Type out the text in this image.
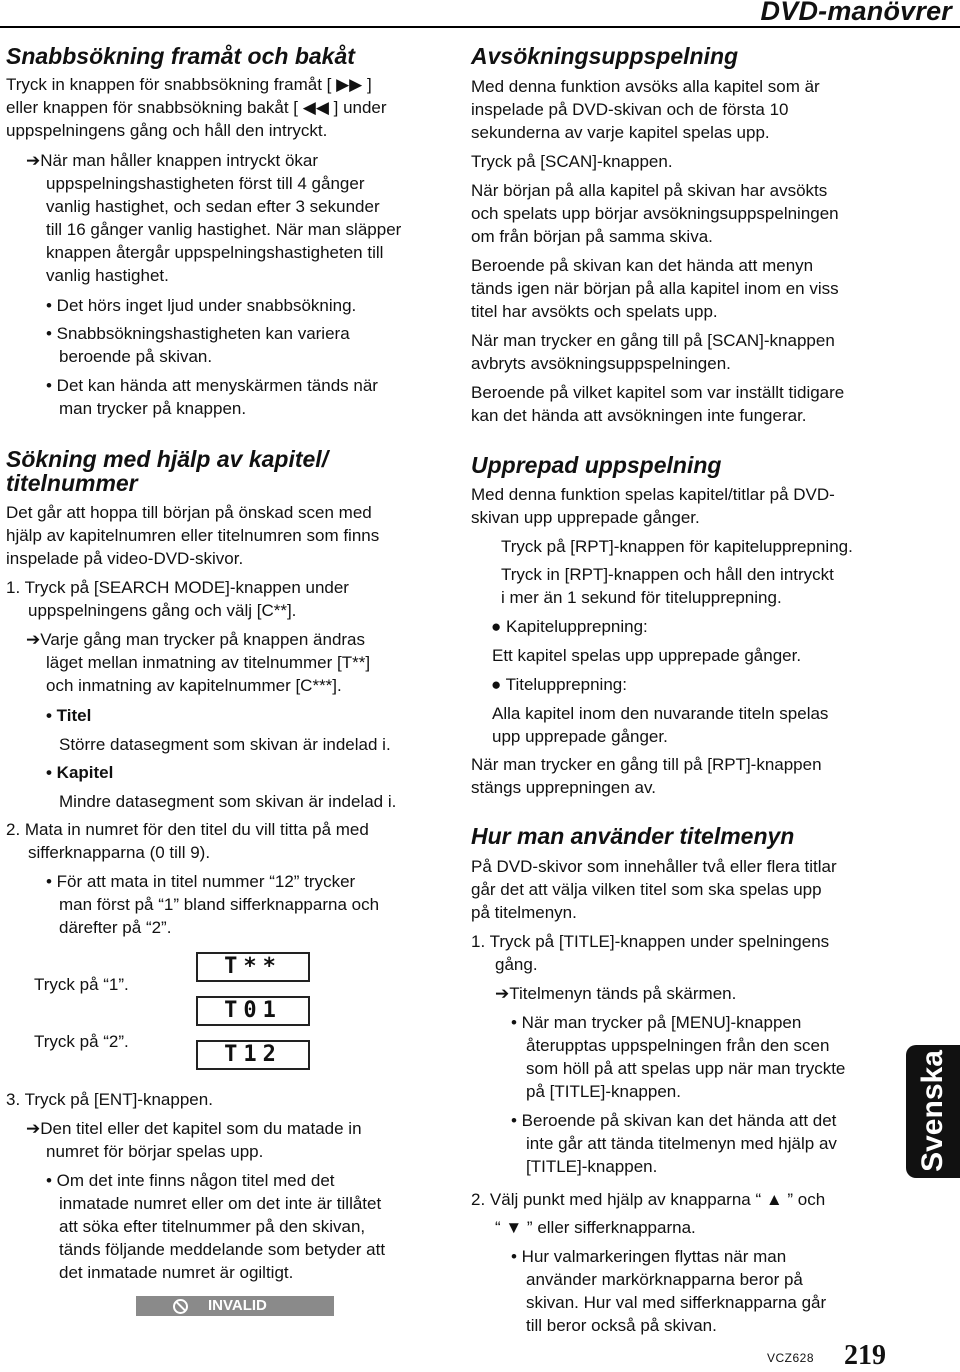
DVD-manövrer
Snabbsökning framåt och bakåt
Tryck in knappen för snabbsökning framåt [ ▶▶ ]
eller knappen för snabbsökning bakåt [ ◀◀ ] under
uppspelningens gång och håll den intryckt.
➔När man håller knappen intryckt ökar
uppspelningshastigheten först till 4 gånger
vanlig hastighet, och sedan efter 3 sekunder
till 16 gånger vanlig hastighet. När man släpper
knappen återgår uppspelningshastigheten till
vanlig hastighet.
• Det hörs inget ljud under snabbsökning.
• Snabbsökningshastigheten kan variera
beroende på skivan.
• Det kan hända att menyskärmen tänds när
man trycker på knappen.
Sökning med hjälp av kapitel/
titelnummer
Det går att hoppa till början på önskad scen med
hjälp av kapitelnumren eller titelnumren som finns
inspelade på video-DVD-skivor.
1. Tryck på [SEARCH MODE]-knappen under
uppspelningens gång och välj [C**].
➔Varje gång man trycker på knappen ändras
läget mellan inmatning av titelnummer [T**]
och inmatning av kapitelnummer [C***].
• Titel
Större datasegment som skivan är indelad i.
• Kapitel
Mindre datasegment som skivan är indelad i.
2. Mata in numret för den titel du vill titta på med
sifferknapparna (0 till 9).
• För att mata in titel nummer “12” trycker
man först på “1” bland sifferknapparna och
därefter på “2”.
T**
Tryck på “1”.
T01
Tryck på “2”.
T12
3. Tryck på [ENT]-knappen.
➔Den titel eller det kapitel som du matade in
numret för börjar spelas upp.
• Om det inte finns någon titel med det
inmatade numret eller om det inte är tillåtet
att söka efter titelnummer på den skivan,
tänds följande meddelande som betyder att
det inmatade numret är ogiltigt.
INVALID
Avsökningsuppspelning
Med denna funktion avsöks alla kapitel som är
inspelade på DVD-skivan och de första 10
sekunderna av varje kapitel spelas upp.
Tryck på [SCAN]-knappen.
När början på alla kapitel på skivan har avsökts
och spelats upp börjar avsökningsuppspelningen
om från början på samma skiva.
Beroende på skivan kan det hända att menyn
tänds igen när början på alla kapitel inom en viss
titel har avsökts och spelats upp.
När man trycker en gång till på [SCAN]-knappen
avbryts avsökningsuppspelningen.
Beroende på vilket kapitel som var inställt tidigare
kan det hända att avsökningen inte fungerar.
Upprepad uppspelning
Med denna funktion spelas kapitel/titlar på DVD-
skivan upp upprepade gånger.
Tryck på [RPT]-knappen för kapitelupprepning.
Tryck in [RPT]-knappen och håll den intryckt
i mer än 1 sekund för titelupprepning.
● Kapitelupprepning:
Ett kapitel spelas upp upprepade gånger.
● Titelupprepning:
Alla kapitel inom den nuvarande titeln spelas
upp upprepade gånger.
När man trycker en gång till på [RPT]-knappen
stängs upprepningen av.
Hur man använder titelmenyn
På DVD-skivor som innehåller två eller flera titlar
går det att välja vilken titel som ska spelas upp
på titelmenyn.
1. Tryck på [TITLE]-knappen under spelningens
gång.
➔Titelmenyn tänds på skärmen.
• När man trycker på [MENU]-knappen
återupptas uppspelningen från den scen
som höll på att spelas upp när man tryckte
på [TITLE]-knappen.
• Beroende på skivan kan det hända att det
inte går att tända titelmenyn med hjälp av
[TITLE]-knappen.
2. Välj punkt med hjälp av knapparna “ ▲ ” och
“ ▼ ” eller sifferknapparna.
• Hur valmarkeringen flyttas när man
använder markörknapparna beror på
skivan. Hur val med sifferknapparna går
till beror också på skivan.
Svenska
VCZ628 219
